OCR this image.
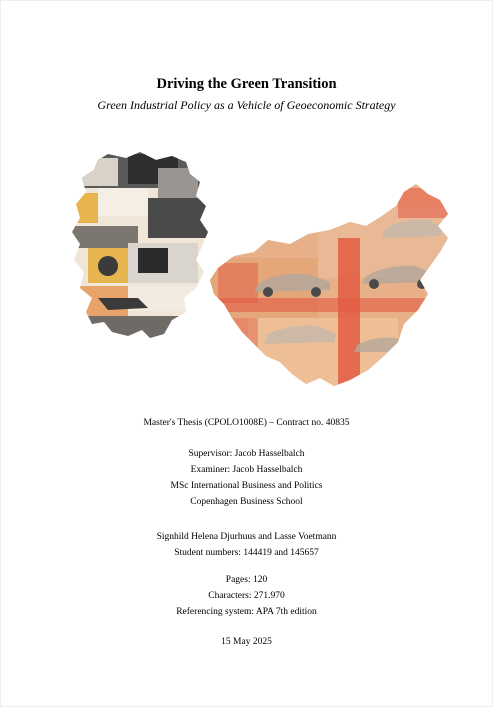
Driving the Green Transition

Green Industrial Policy as a Vehicle of Geoeconomic Strategy

Master's Thesis (CPOLO1008E) – Contract no. 40835
Supervisor: Jacob Hasselbalch
Examiner: Jacob Hasselbalch
MSc International Business and Politics
Copenhagen Business School
Signhild Helena Djurhuus and Lasse Voetmann
Student numbers: 144419 and 145657
Pages: 120
Characters: 271.970
Referencing system: APA 7th edition
15 May 2025
